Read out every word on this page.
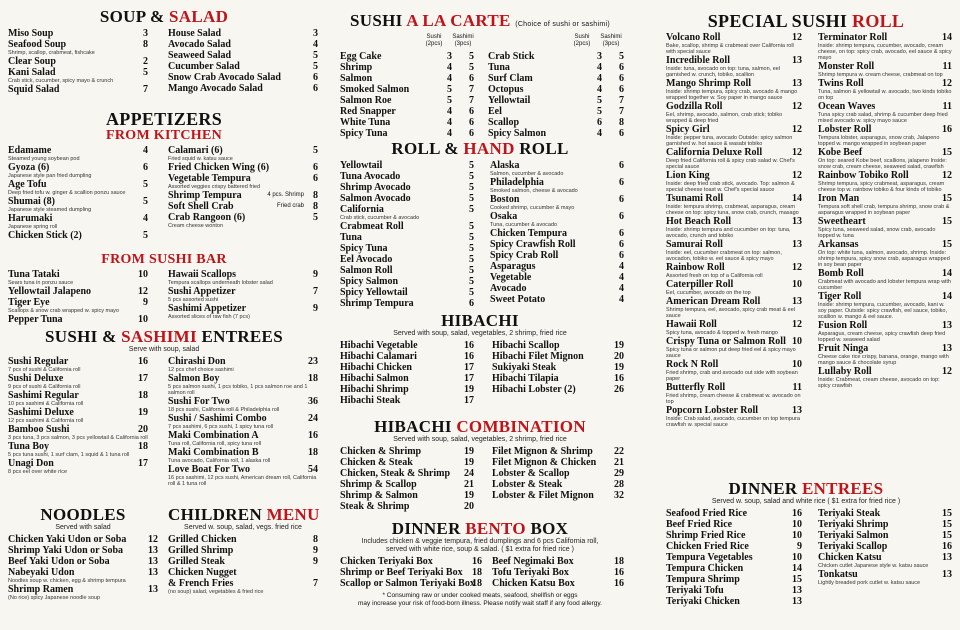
SOUP & SALAD
Miso Soup	3
Seafood Soup	8
Shrimp, scallop, crabmeat, fishcake
Clear Soup	2
Kani Salad	5
Crab stick, cucumber, spicy mayo & crunch
Squid Salad	7
House Salad	3
Avocado Salad	4
Seaweed Salad	5
Cucumber Salad	5
Snow Crab Avocado Salad	6
Mango Avocado Salad	6
APPETIZERS
FROM KITCHEN
Edamame	4
Steamed young soybean pod
Gyoza (6)	6
Japanese style pan fried dumpling
Age Tofu	5
Deep fried tofu w. ginger & scallion ponzu sauce
Shumai (8)	5
Japanese style steamed dumpling
Harumaki	4
Japanese spring roll
Chicken Stick (2)	5
Calamari (6)	5
Fried squid w. katsu sauce
Fried Chicken Wing (6)	6
Vegetable Tempura	6
Assorted veggies crispy battered fried
Shrimp Tempura	4 pcs. Shrimp 8
Soft Shell Crab	Fried crab 8
Crab Rangoon (6)	5
Cream cheese wonton
FROM SUSHI BAR
Tuna Tataki	10
Sears tuna in ponzu sauce
Yellowtail Jalapeno	12
Tiger Eye	9
Scallops & snow crab wrapped w. spicy mayo
Pepper Tuna	10
Hawaii Scallops	9
Tempura scallops underneath lobster salad
Sushi Appetizer	7
5 pcs assorted sushi
Sashimi Appetizer	9
Assorted slices of raw fish (7 pcs)
SUSHI & SASHIMI ENTREES
Serve with soup, salad
Sushi Regular	16
7 pcs of sushi & California roll
Sushi Deluxe	17
9 pcs of sushi & California roll
Sashimi Regular	18
10 pcs sashimi & California roll
Sashimi Deluxe	19
12 pcs sashimi & California roll
Bamboo Sushi	20
3 pcs tuna, 3 pcs salmon, 3 pcs yellowtail & California roll
Tuna Boy	18
5 pcs tuna sushi, 1 surf clam, 1 squid & 1 tuna roll
Unagi Don	17
8 pcs eel over white rice
Chirashi Don	23
12 pcs chef choice sashimi
Salmon Boy	18
5 pcs salmon sushi, 1 pcs tobiko, 1 pcs salmon roe and 1 salmon roll
Sushi For Two	36
18 pcs sushi, California roll & Philadelphia roll
Sushi / Sashimi Combo	24
7 pcs sashimi, 6 pcs sushi, 1 spicy tuna roll
Maki Combination A	16
Tuna roll, California roll, spicy tuna roll
Maki Combination B	18
Tuna avocado, California roll, 1 alaska roll
Love Boat For Two	54
16 pcs sashimi, 12 pcs sushi, American dream roll, California roll & 1 tuna roll
NOODLES
Served with salad
Chicken Yaki Udon or Soba 12
Shrimp Yaki Udon or Soba 13
Beef Yaki Udon or Soba	13
Nabeyaki Udon	13
Noodles soup w. chicken, egg & shrimp tempura
Shrimp Ramen	13
(No rice) spicy Japanese noodle soup
CHILDREN MENU
Served w. soup, salad, vegs. fried rice
Grilled Chicken	8
Grilled Shrimp	9
Grilled Steak	9
Chicken Nugget
& French Fries	7
(no soup) salad, vegetables & fried rice
SUSHI A LA CARTE (Choice of sushi or sashimi)
Sushi (2pcs)
Sashimi (3pcs)
Sushi (2pcs)
Sashimi (3pcs)
Egg Cake	3 5
Shrimp	4 5
Salmon	4 6
Smoked Salmon	5 7
Salmon Roe	5 7
Red Snapper	4 6
White Tuna	4 6
Spicy Tuna	4 6
Crab Stick	3 5
Tuna	4 6
Surf Clam	4 6
Octopus	4 6
Yellowtail	5 7
Eel	5 7
Scallop	6 8
Spicy Salmon	4 6
ROLL & HAND ROLL
Yellowtail	5
Tuna Avocado	5
Shrimp Avocado	5
Salmon Avocado	5
California	5
Crab stick, cucumber & avocado
Crabmeat Roll	5
Tuna	5
Spicy Tuna	5
Eel Avocado	5
Salmon Roll	5
Spicy Salmon	5
Spicy Yellowtail	5
Shrimp Tempura	6
Alaska	6
Salmon, cucumber & avocado
Philadelphia	6
Smoked salmon, cheese & avocado
Boston	6
Cooked shrimp, cucumber & mayo
Osaka	6
Tuna, cucumber & avocado
Chicken Tempura	6
Spicy Crawfish Roll	6
Spicy Crab Roll	6
Asparagus	4
Vegetable	4
Avocado	4
Sweet Potato	4
HIBACHI
Served with soup, salad, vegetables, 2 shrimp, fried rice
Hibachi Vegetable	16
Hibachi Calamari	16
Hibachi Chicken	17
Hibachi Salmon	17
Hibachi Shrimp	19
Hibachi Steak	17
Hibachi Scallop	19
Hibachi Filet Mignon	20
Sukiyaki Steak	19
Hibachi Tilapia	16
Hibachi Lobster (2)	26
HIBACHI COMBINATION
Served with soup, salad, vegetables, 2 shrimp, fried rice
Chicken & Shrimp	19
Chicken & Steak	19
Chicken, Steak & Shrimp 24
Shrimp & Scallop	21
Shrimp & Salmon	19
Steak & Shrimp	20
Filet Mignon & Shrimp 22
Filet Mignon & Chicken 21
Lobster & Scallop	29
Lobster & Steak	28
Lobster & Filet Mignon 32
DINNER BENTO BOX
Includes chicken & veggie tempura, fried dumplings and 6 pcs California roll,
served with white rice, soup & salad. ( $1 extra for fried rice )
Chicken Teriyaki Box	16
Shrimp or Beef Teriyaki Box 18
Scallop or Salmon Teriyaki Box
18
Beef Negimaki Box	18
Tofu Teriyaki Box	16
Chicken Katsu Box	16
* Consuming raw or under cooked meats, seafood, shellfish or eggs
may increase your risk of food-born illness. Please notify wait staff if any food allergy.
SPECIAL SUSHI ROLL
Volcano Roll	12
Bake, scallop, shrimp & crabmeat over California roll with special sauce
Incredible Roll	13
Inside: tuna, avocado on top: tuna, salmon, eel garnished w. crunch, tobiko, scallion
Mango Shrimp Roll	13
Inside: shrimp tempura, spicy crab, avocado & mango wrapped together w. Soy paper in mango sauce
Godzilla Roll	12
Eel, shrimp, avocado, salmon, crab stick; tobiko wrapped & deep fried
Spicy Girl	12
Inside: pepper tuna, avocado Outside: spicy salmon garnished w. hot sauce & wasabi tobiko
California Deluxe Roll	12
Deep fried California roll & spicy crab salad w. Chef's special sauce
Lion King	12
Inside: deep fried crab stick, avocado. Top: salmon & special cheese toast w. Chef's special sauce
Tsunami Roll	14
Inside: tempura shrimp, crabmeat, asparagus, cream cheese on top: spicy tuna, snow crab, crunch, masago
Hot Beach Roll	13
Inside: shrimp tempura and cucumber on top: tuna, avocado, crunch and tobiko
Samurai Roll	13
Inside: eel, cucumber crabmeat on top: salmon, avocadon, tobiko w. eel sauce & spicy mayo
Rainbow Roll	12
Assorted fresh on top of a California roll
Caterpiller Roll	10
Eel, cucumber, avocado on the top
American Dream Roll	13
Shrimp tempura, eel, avocado, spicy crab meat & eel sauce
Hawaii Roll	12
Spicy tuna, avocado & topped w. fresh mango
Crispy Tuna or Salmon Roll 10
Spicy tuna or salmon put deep fried eel & spicy mayo sauce
Rock N Roll	10
Fried shrimp, crab and avocado out side with soybean paper
Butterfly Roll	11
Fried shrimp, cream cheese & crabmeat w. avocado on top
Popcorn Lobster Roll	13
Inside: Crab salad, avocado, cucumber on top tempura crawfish w. special sauce
Terminator Roll	14
Inside: shrimp tempura, cucumber, avocado, cream cheese, on top: spicy crab, avocado, eel sauce & spicy mayo
Monster Roll	11
Shrimp tempura w. cream cheese, crabmeat on top
Twins Roll	12
Tuna, salmon & yellowtail w. avocado, two kinds tobiko on top
Ocean Waves	11
Tuna spicy crab salad, shrimp & cucumber deep fried mixed avocado w. spicy mayo sauce
Lobster Roll	16
Tempura lobster, asparagus, snow crab, Jalapeno topped w. mango wrapped in soybean paper
Kobe Beef	15
On top: seared Kobe beef, scallions, jalapeno Inside: snow crab, cream cheese, seaweed salad, crawfish
Rainbow Tobiko Roll	12
Shrimp tempura, spicy crabmeat, asparagus, cream cheese top w. rainbow tobiko & four kinds of tobiko
Iron Man	15
Tempura soft shell crab, tempura shrimp, snow crab & asparagus wrapped in soybean paper
Sweetheart	15
Spicy tuna, seaweed salad, snow crab, avocado topped w. tuna
Arkansas	15
On top: white tuna, salmon, avocado, shrimp. Inside: shrimp tempura, spicy snow crab, asparagus wrapped in soy bean paper
Bomb Roll	14
Crabmeat with avocado and lobster tempura wrap with cucumber
Tiger Roll	14
Inside: shrimp tempura, cucumber, avocado, kani w. soy paper. Outside: spicy crawfish, eel sauce, tobiko, scallion w. mango & eel sauce.
Fusion Roll	13
Asparagus, cream cheese, spicy crawfish deep fried topped w. seaweed salad
Fruit Ninga	13
Cheese cake rice crispy, banana, orange, mango with mango sauce & chocolate syrup
Lullaby Roll	12
Inside: Crabmeat, cream cheese, avocado on top: spicy crawfish
DINNER ENTREES
Served w. soup, salad and white rice ( $1 extra for fried rice )
Seafood Fried Rice	16
Beef Fried Rice	10
Shrimp Fried Rice	10
Chicken Fried Rice	9
Tempura Vegetables	10
Tempura Chicken	14
Tempura Shrimp	15
Teriyaki Tofu	13
Teriyaki Chicken	13
Teriyaki Steak	15
Teriyaki Shrimp	15
Teriyaki Salmon	15
Teriyaki Scallop	16
Chicken Katsu	13
Chicken cutlet Japanese style w. katsu sauce
Tonkatsu	13
Lightly breaded pork cutlet w. katsu sauce
